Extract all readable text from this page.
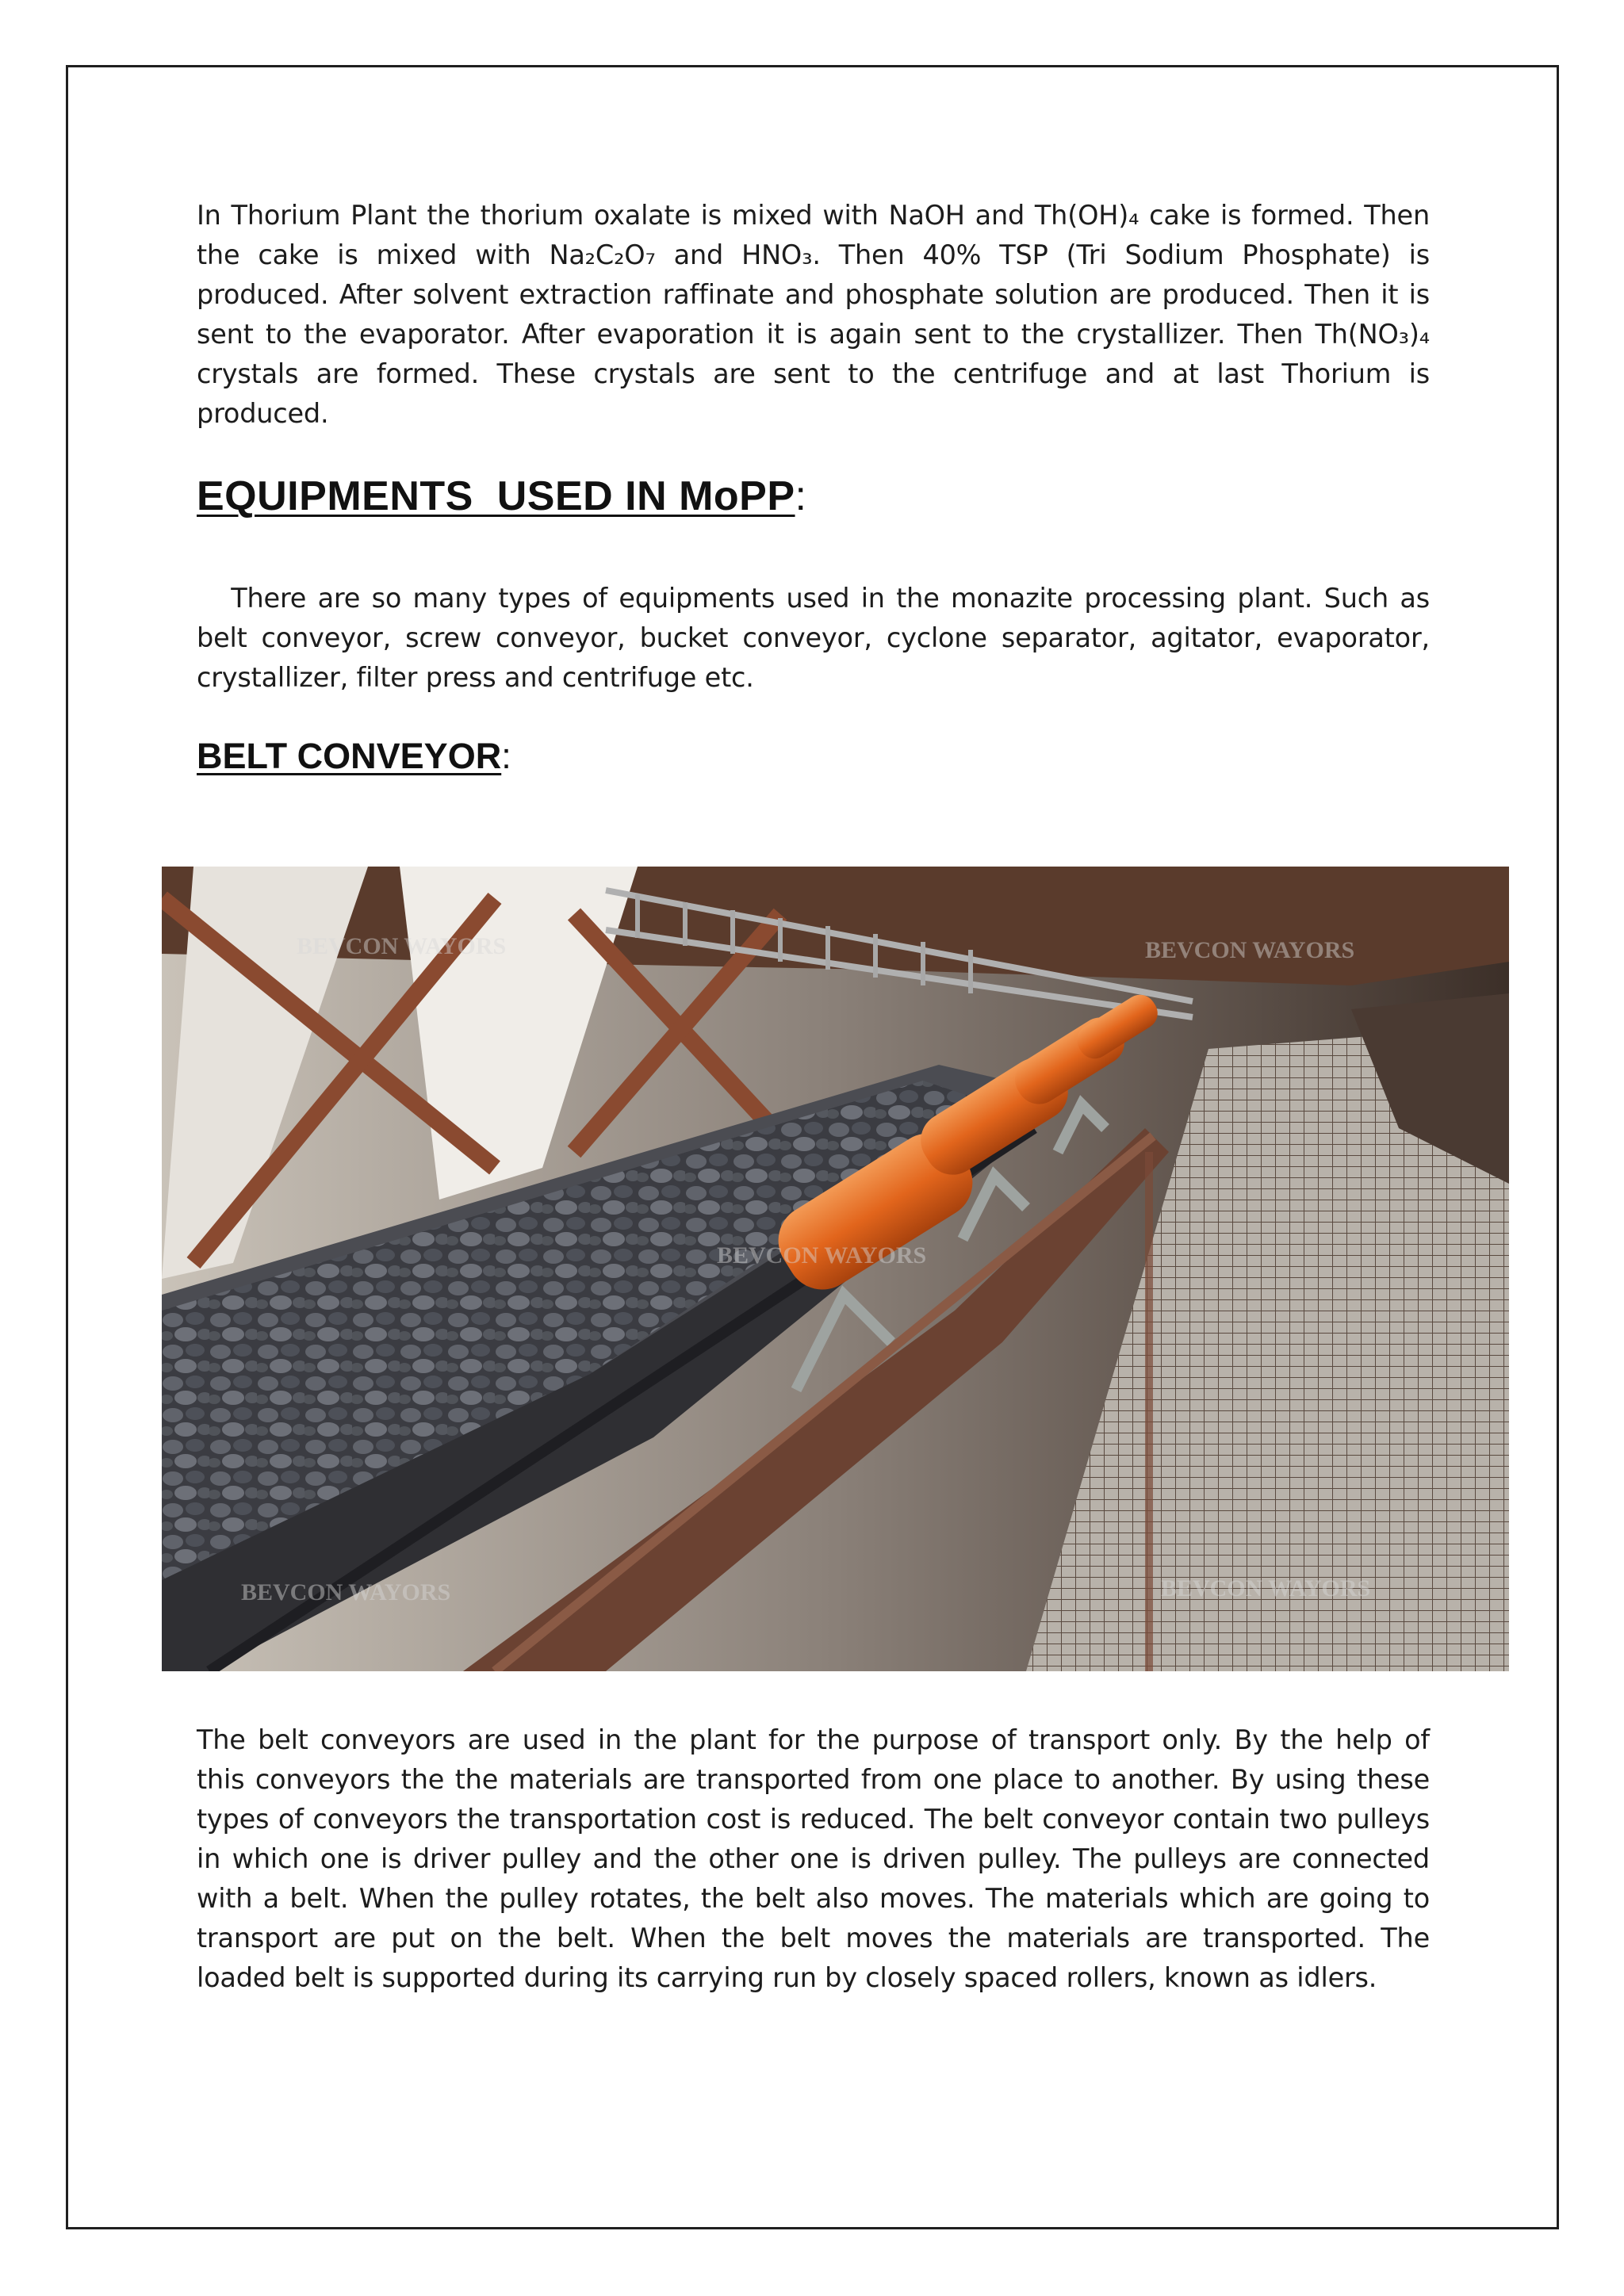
In Thorium Plant the thorium oxalate is mixed with NaOH and Th(OH)₄ cake is formed. Then
the cake is mixed with Na₂C₂O₇ and HNO₃. Then 40% TSP (Tri Sodium Phosphate) is
produced. After solvent extraction raffinate and phosphate solution are produced. Then it is
sent to the evaporator. After evaporation it is again sent to the crystallizer. Then Th(NO₃)₄
crystals are formed. These crystals are sent to the centrifuge and at last Thorium is
produced.
EQUIPMENTS  USED IN MoPP:
There are so many types of equipments used in the monazite processing plant. Such as
belt conveyor, screw conveyor, bucket conveyor, cyclone separator, agitator, evaporator,
crystallizer, filter press and centrifuge etc.
BELT CONVEYOR:
BEVCON WAYORS	BEVCON WAYORS
BEVCON WAYORS
BEVCON WAYORS	BEVCON WAYORS
The belt conveyors are used in the plant for the purpose of transport only. By the help of
this conveyors the the materials are transported from one place to another. By using these
types of conveyors the transportation cost is reduced. The belt conveyor contain two pulleys
in which one is driver pulley and the other one is driven pulley. The pulleys are connected
with a belt. When the pulley rotates, the belt also moves. The materials which are going to
transport are put on the belt. When the belt moves the materials are transported. The
loaded belt is supported during its carrying run by closely spaced rollers, known as idlers.
